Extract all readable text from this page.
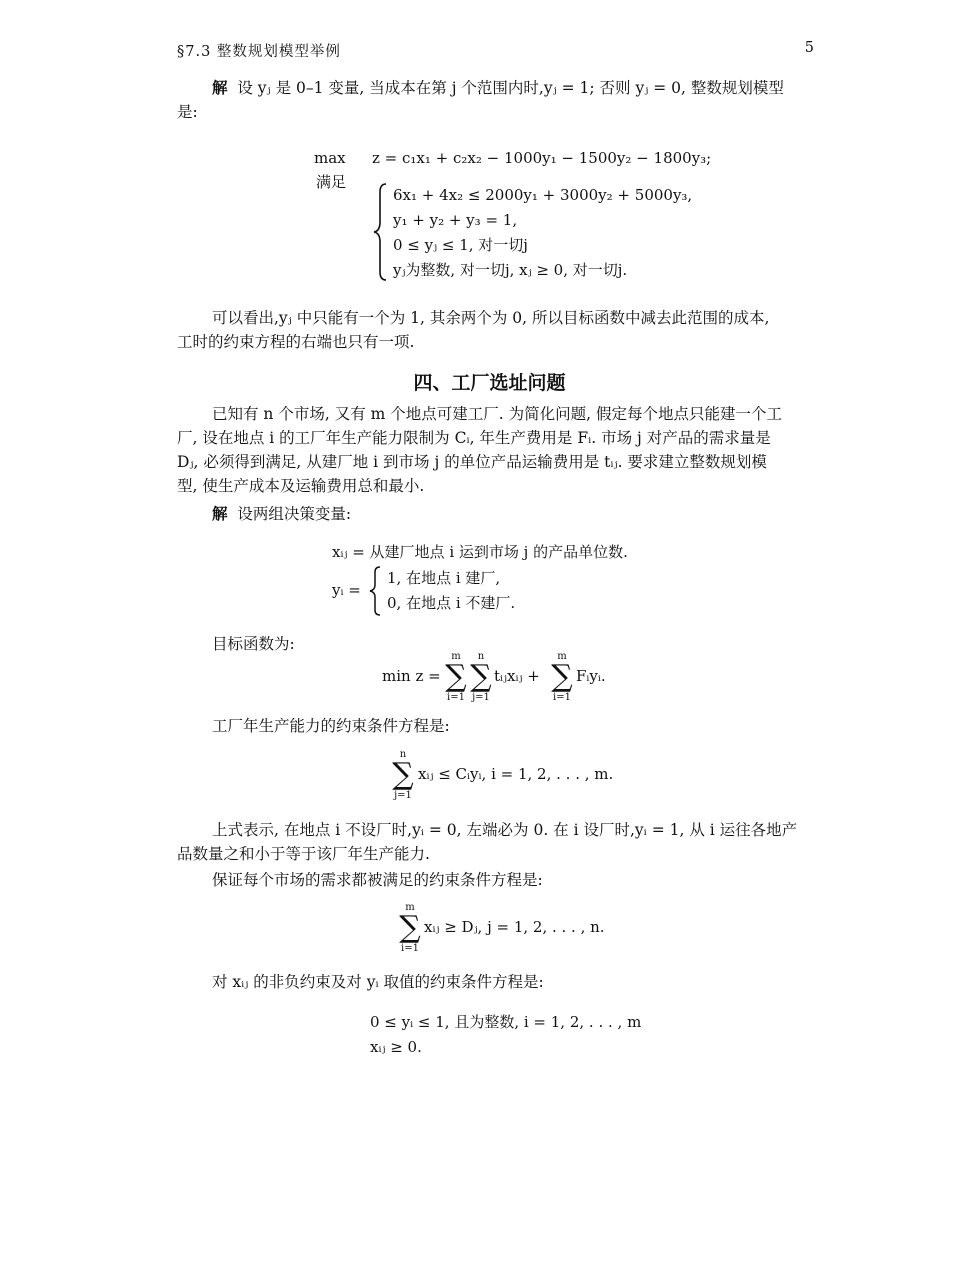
§7.3 整数规划模型举例	5
解 设 yⱼ 是 0–1 变量, 当成本在第 j 个范围内时,yⱼ = 1; 否则 yⱼ = 0, 整数规划模型
是:
max z = c₁x₁ + c₂x₂ − 1000y₁ − 1500y₂ − 1800y₃;
满足
6x₁ + 4x₂ ≤ 2000y₁ + 3000y₂ + 5000y₃,
y₁ + y₂ + y₃ = 1,
0 ≤ yⱼ ≤ 1, 对一切j
yⱼ为整数, 对一切j, xⱼ ≥ 0, 对一切j.
可以看出,yⱼ 中只能有一个为 1, 其余两个为 0, 所以目标函数中减去此范围的成本,
工时的约束方程的右端也只有一项.
四、工厂选址问题
已知有 n 个市场, 又有 m 个地点可建工厂. 为简化问题, 假定每个地点只能建一个工
厂, 设在地点 i 的工厂年生产能力限制为 Cᵢ, 年生产费用是 Fᵢ. 市场 j 对产品的需求量是
Dⱼ, 必须得到满足, 从建厂地 i 到市场 j 的单位产品运输费用是 tᵢⱼ. 要求建立整数规划模
型, 使生产成本及运输费用总和最小.
解 设两组决策变量:
xᵢⱼ = 从建厂地点 i 运到市场 j 的产品单位数.
yᵢ =
1, 在地点 i 建厂,
0, 在地点 i 不建厂.
目标函数为:
min z =
m
∑
i=1
n
∑
j=1
tᵢⱼxᵢⱼ +
m
∑
i=1
Fᵢyᵢ.
工厂年生产能力的约束条件方程是:
n
∑
j=1
xᵢⱼ ≤ Cᵢyᵢ, i = 1, 2, . . . , m.
上式表示, 在地点 i 不设厂时,yᵢ = 0, 左端必为 0. 在 i 设厂时,yᵢ = 1, 从 i 运往各地产
品数量之和小于等于该厂年生产能力.
保证每个市场的需求都被满足的约束条件方程是:
m
∑
i=1
xᵢⱼ ≥ Dⱼ, j = 1, 2, . . . , n.
对 xᵢⱼ 的非负约束及对 yᵢ 取值的约束条件方程是:
0 ≤ yᵢ ≤ 1, 且为整数, i = 1, 2, . . . , m
xᵢⱼ ≥ 0.
